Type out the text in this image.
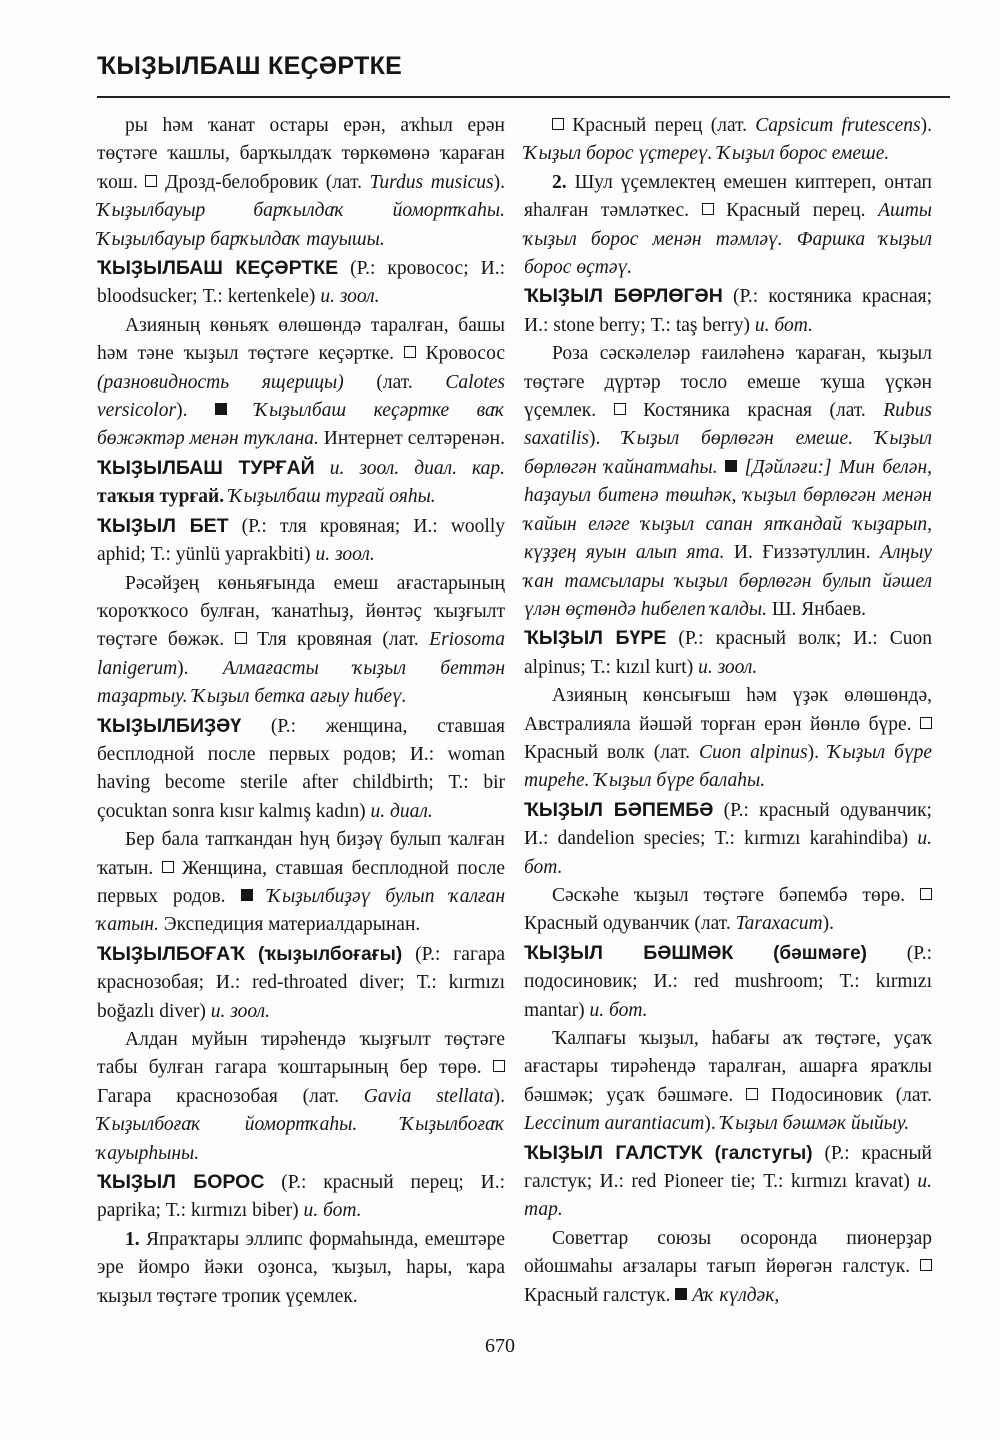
ҠЫҘЫЛБАШ КЕҪӘРТКЕ

ры һәм ҡанат остары ерән, аҡһыл ерән төҫтәге ҡашлы, барҡылдаҡ төркөмөнә ҡараған ҡош.  Дрозд-белобровик (лат. Turdus musicus). Ҡыҙылбауыр барҡылдаҡ йомортҡаһы. Ҡыҙылбауыр барҡылдаҡ тауышы.

ҠЫҘЫЛБАШ КЕҪӘРТКЕ (Р.: кровосос; И.: bloodsucker; Т.: kertenkele) и. зоол.

Азияның көньяҡ өлөшөндә таралған, башы һәм тәне ҡыҙыл төҫтәге кеҫәртке.  Кровосос (разновидность ящерицы) (лат. Calotes versicolor).  Ҡыҙылбаш кеҫәртке ваҡ бөжәктәр менән туҡлана. Интернет селтәренән.

ҠЫҘЫЛБАШ ТУРҒАЙ и. зоол. диал. кар. таҡыя турғай. Ҡыҙылбаш турғай ояһы.

ҠЫҘЫЛ БЕТ (Р.: тля кровяная; И.: woolly aphid; Т.: yünlü yaprakbiti) и. зоол.

Рәсәйҙең көньяғында емеш ағастарының ҡороҡҡосо булған, ҡанатһыҙ, йөнтәҫ ҡыҙғылт төҫтәге бөжәк.  Тля кровяная (лат. Eriosoma lanigerum). Алмағасты ҡыҙыл беттән таҙартыу. Ҡыҙыл бетка ағыу һибеү.

ҠЫҘЫЛБИҘӘҮ (Р.: женщина, ставшая бесплодной после первых родов; И.: woman having become sterile after childbirth; Т.: bir çocuktan sonra kısır kalmış kadın) и. диал.

Бер бала тапҡандан һуң биҙәү булып ҡалған ҡатын.  Женщина, ставшая бесплодной после первых родов.  Ҡыҙылбиҙәү булып ҡалған ҡатын. Экспедиция материалдарынан.

ҠЫҘЫЛБОҒАҠ (ҡыҙылбоғағы) (Р.: гагара краснозобая; И.: red-throated diver; Т.: kırmızı boğazlı diver) и. зоол.

Алдан муйын тирәһендә ҡыҙғылт төҫтәге табы булған гагара ҡоштарының бер төрө.  Гагара краснозобая (лат. Gavia stellata). Ҡыҙылбоғаҡ йомортҡаһы. Ҡыҙылбоғаҡ ҡауырһыны.

ҠЫҘЫЛ БОРОС (Р.: красный перец; И.: paprika; Т.: kırmızı biber) и. бот.

1. Япраҡтары эллипс формаһында, емештәре эре йомро йәки оҙонса, ҡыҙыл, һары, ҡара ҡыҙыл төҫтәге тропик үҫемлек.

Красный перец (лат. Capsicum frutescens). Ҡыҙыл борос үҫтереү. Ҡыҙыл борос емеше.

2. Шул үҫемлектең емешен киптереп, онтап яһалған тәмләткес.  Красный перец. Ашты ҡыҙыл борос менән тәмләү. Фаршка ҡыҙыл борос өҫтәү.

ҠЫҘЫЛ БӨРЛӨГӘН (Р.: костяника красная; И.: stone berry; Т.: taş berry) и. бот.

Роза сәскәлеләр ғаиләһенә ҡараған, ҡыҙыл төҫтәге дүртәр тосло емеше ҡуша үҫкән үҫемлек.  Костяника красная (лат. Rubus saxatilis). Ҡыҙыл бөрлөгән емеше. Ҡыҙыл бөрлөгән ҡайнатмаһы. [Дәйләғи:] Мин белән, һаҙауыл битенә төшһәк, ҡыҙыл бөрлөгән менән ҡайын еләге ҡыҙыл сапан япҡандай ҡыҙарып, күҙҙең яуын алып ята. И. Ғиззәтуллин. Алңыу ҡан тамсылары ҡыҙыл бөрлөгән булып йәшел үлән өҫтөндә һибелеп ҡалды. Ш. Янбаев.

ҠЫҘЫЛ БҮРЕ (Р.: красный волк; И.: Cuon alpinus; Т.: kızıl kurt) и. зоол.

Азияның көнсығыш һәм үҙәк өлөшөндә, Австралияла йәшәй торған ерән йөнлө бүре.  Красный волк (лат. Cuon alpinus). Ҡыҙыл бүре тиреһе. Ҡыҙыл бүре балаһы.

ҠЫҘЫЛ БӘПЕМБӘ (Р.: красный одуванчик; И.: dandelion species; Т.: kırmızı karahindiba) и. бот.

Сәскәһе ҡыҙыл төҫтәге бәпембә төрө.  Красный одуванчик (лат. Taraxacum).

ҠЫҘЫЛ БӘШМӘК (бәшмәге) (Р.: подосиновик; И.: red mushroom; Т.: kırmızı mantar) и. бот.

Ҡалпағы ҡыҙыл, һабағы аҡ төҫтәге, уҫаҡ ағастары тирәһендә таралған, ашарға яраҡлы бәшмәк; уҫаҡ бәшмәге.  Подосиновик (лат. Leccinum aurantiacum). Ҡыҙыл бәшмәк йыйыу.

ҠЫҘЫЛ ГАЛСТУК (галстугы) (Р.: красный галстук; И.: red Pioneer tie; Т.: kırmızı kravat) и. тар.

Советтар союзы осоронда пионерҙар ойошмаһы ағзалары тағып йөрөгән галстук.  Красный галстук.  Аҡ күлдәк,

670
